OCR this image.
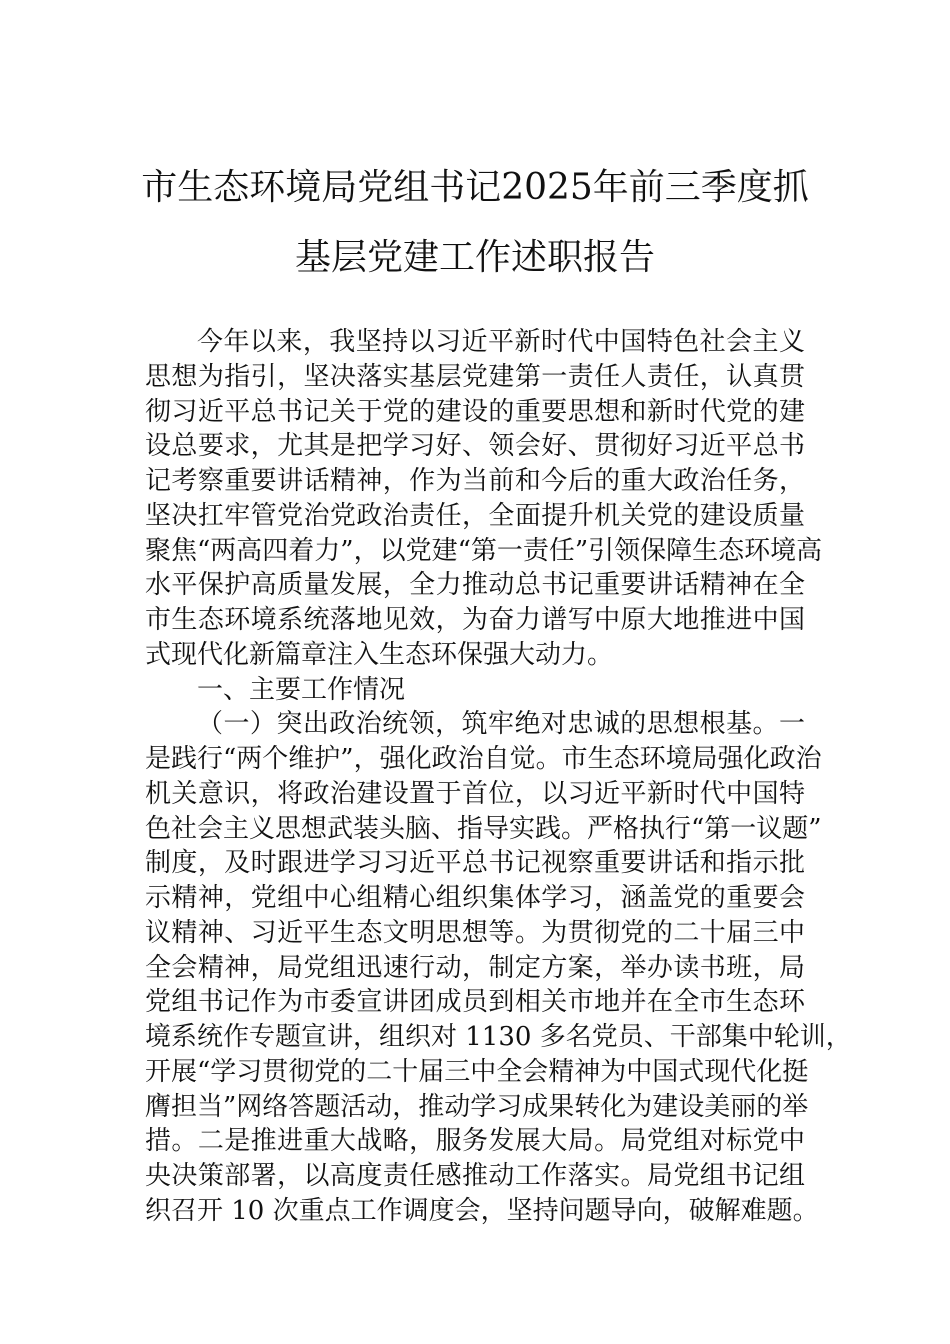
市生态环境局党组书记2025年前三季度抓
基层党建工作述职报告
今年以来，我坚持以习近平新时代中国特色社会主义
思想为指引，坚决落实基层党建第一责任人责任，认真贯
彻习近平总书记关于党的建设的重要思想和新时代党的建
设总要求，尤其是把学习好、领会好、贯彻好习近平总书
记考察重要讲话精神，作为当前和今后的重大政治任务，
坚决扛牢管党治党政治责任，全面提升机关党的建设质量
聚焦“两高四着力”，以党建“第一责任”引领保障生态环境高
水平保护高质量发展，全力推动总书记重要讲话精神在全
市生态环境系统落地见效，为奋力谱写中原大地推进中国
式现代化新篇章注入生态环保强大动力。
一、主要工作情况
（一）突出政治统领，筑牢绝对忠诚的思想根基。一
是践行“两个维护”，强化政治自觉。市生态环境局强化政治
机关意识，将政治建设置于首位，以习近平新时代中国特
色社会主义思想武装头脑、指导实践。严格执行“第一议题”
制度，及时跟进学习习近平总书记视察重要讲话和指示批
示精神，党组中心组精心组织集体学习，涵盖党的重要会
议精神、习近平生态文明思想等。为贯彻党的二十届三中
全会精神，局党组迅速行动，制定方案，举办读书班，局
党组书记作为市委宣讲团成员到相关市地并在全市生态环
境系统作专题宣讲，组织对 1130 多名党员、干部集中轮训，
开展“学习贯彻党的二十届三中全会精神为中国式现代化挺
膺担当”网络答题活动，推动学习成果转化为建设美丽的举
措。二是推进重大战略，服务发展大局。局党组对标党中
央决策部署，以高度责任感推动工作落实。局党组书记组
织召开 10 次重点工作调度会，坚持问题导向，破解难题。
